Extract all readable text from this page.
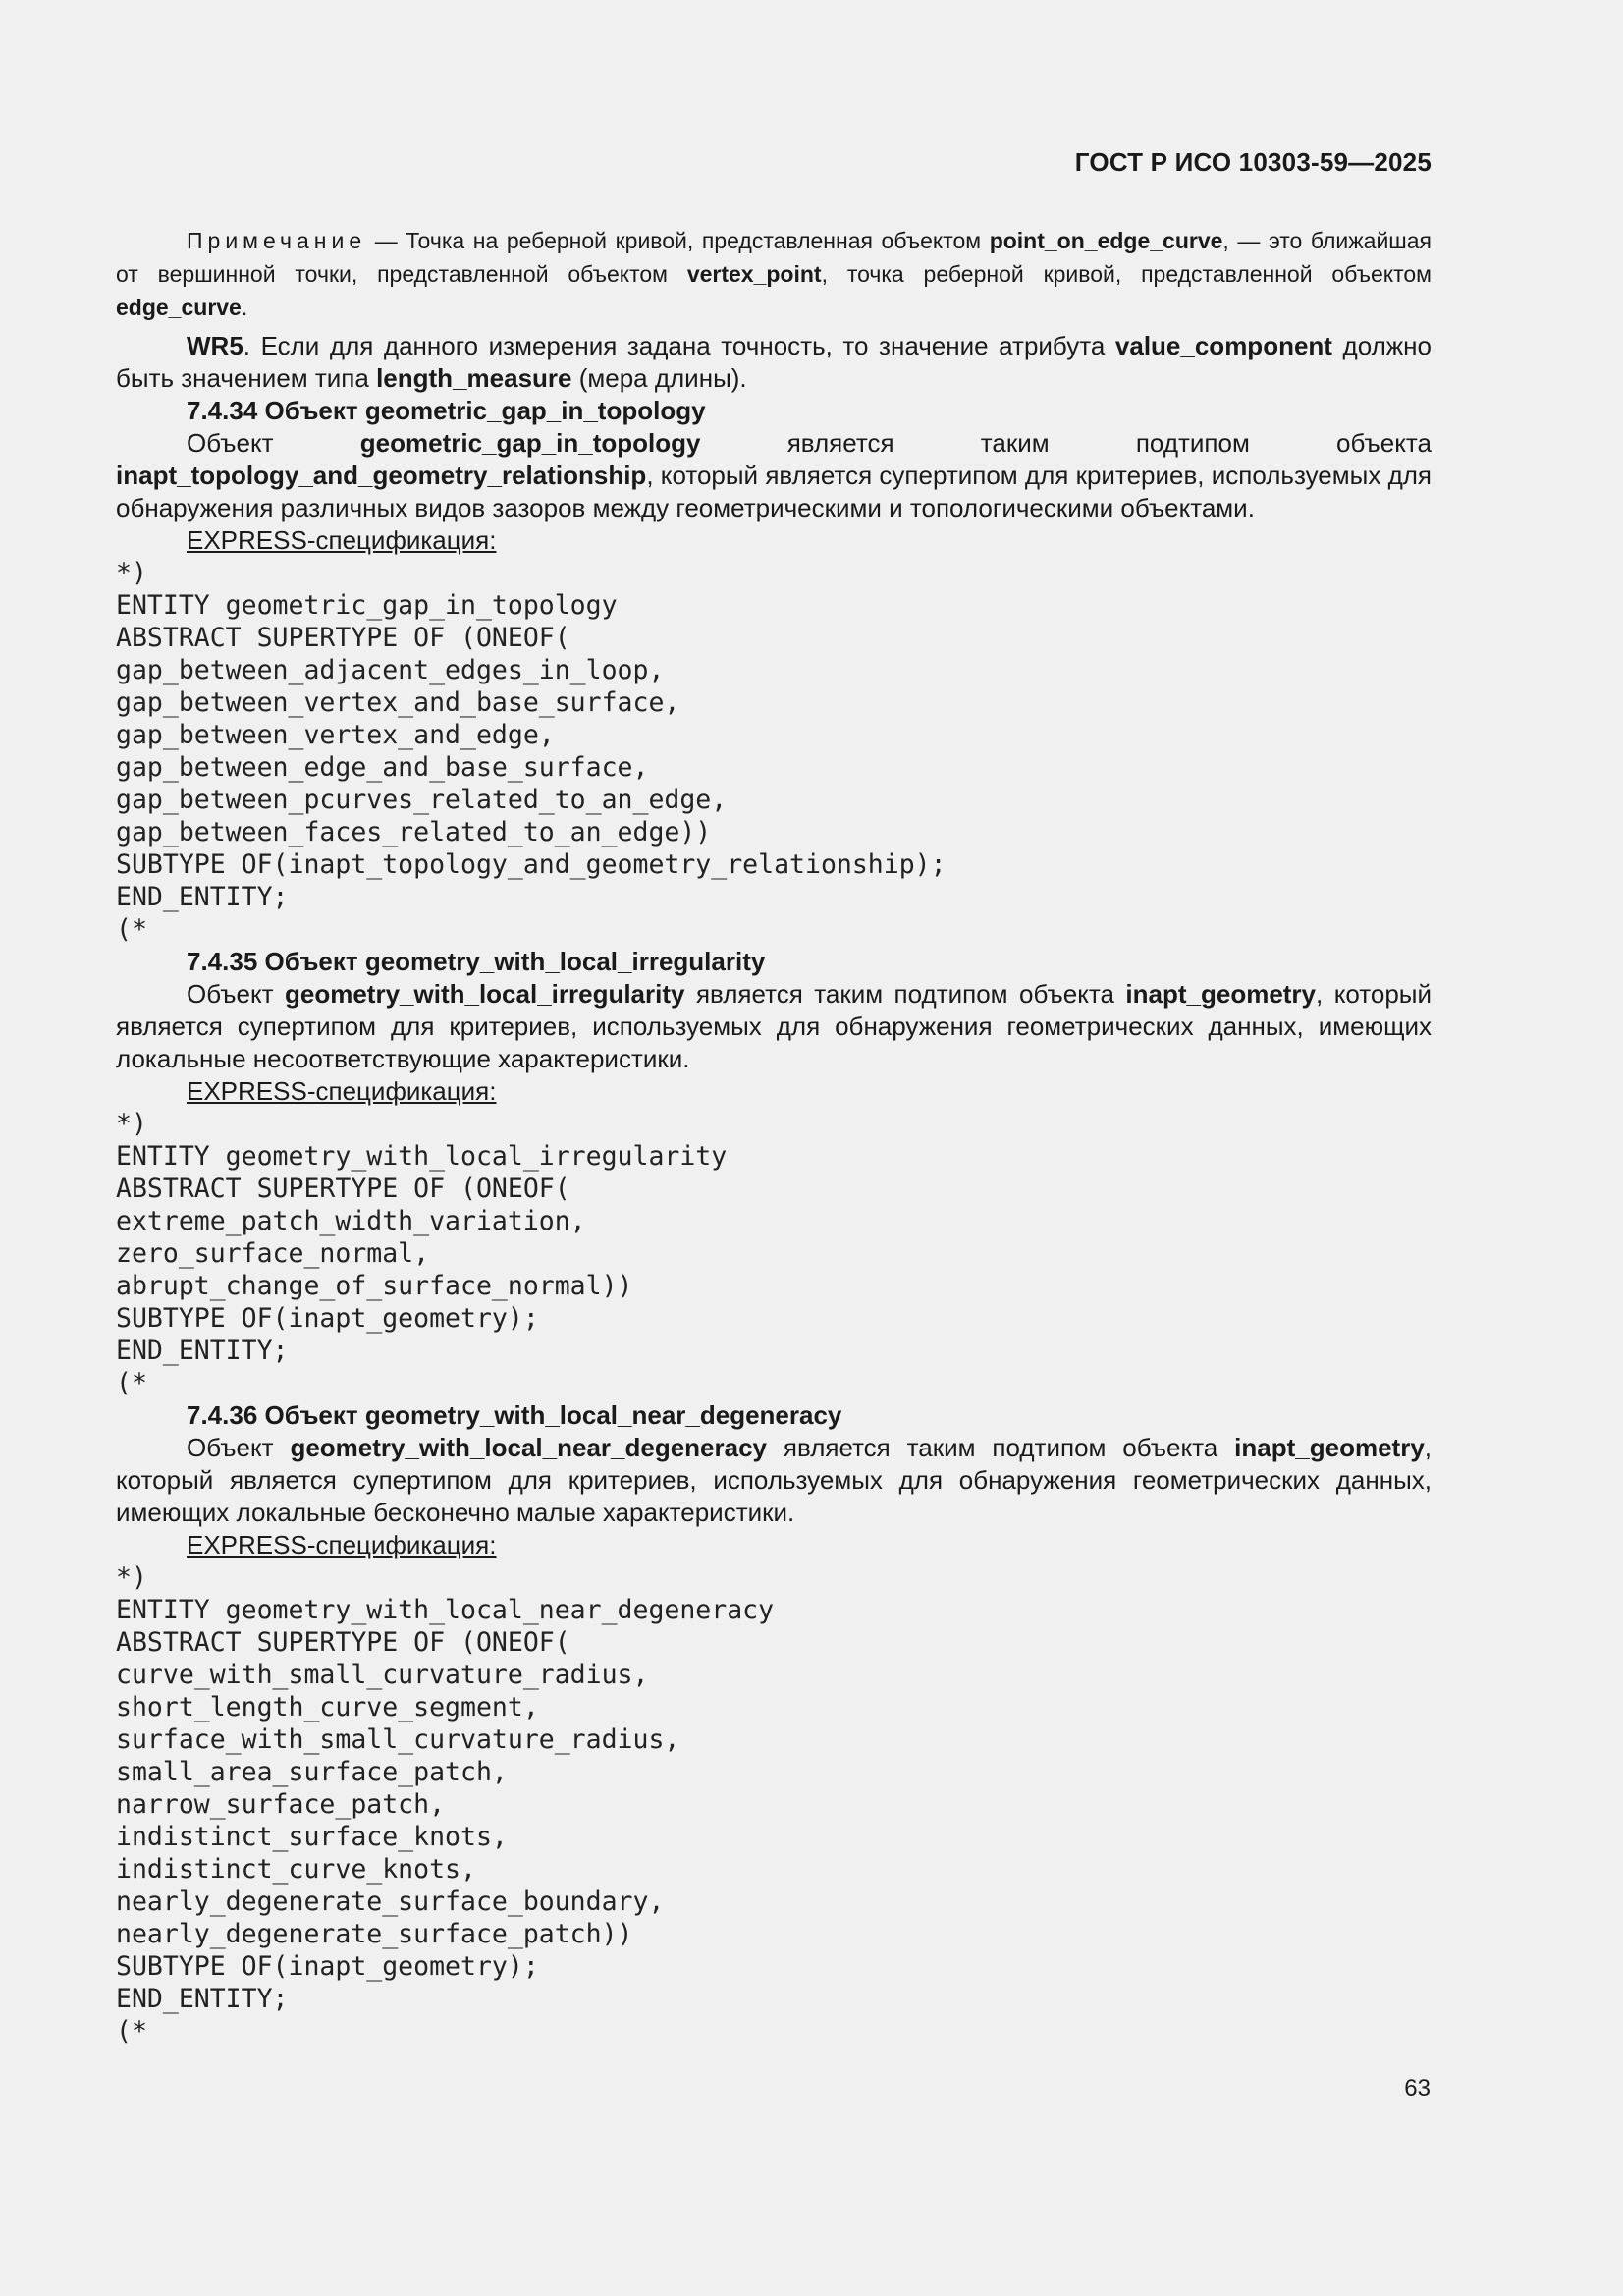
ГОСТ Р ИСО 10303-59—2025
Примечание — Точка на реберной кривой, представленная объектом point_on_edge_curve, — это ближайшая от вершинной точки, представленной объектом vertex_point, точка реберной кривой, представленной объектом edge_curve.

WR5. Если для данного измерения задана точность, то значение атрибута value_component должно быть значением типа length_measure (мера длины).

7.4.34 Объект geometric_gap_in_topology

Объект geometric_gap_in_topology является таким подтипом объекта inapt_topology_and_geometry_relationship, который является супертипом для критериев, используемых для обнаружения различных видов зазоров между геометрическими и топологическими объектами.

EXPRESS-спецификация:

*)
ENTITY geometric_gap_in_topology
ABSTRACT SUPERTYPE OF (ONEOF(
gap_between_adjacent_edges_in_loop,
gap_between_vertex_and_base_surface,
gap_between_vertex_and_edge,
gap_between_edge_and_base_surface,
gap_between_pcurves_related_to_an_edge,
gap_between_faces_related_to_an_edge))
SUBTYPE OF(inapt_topology_and_geometry_relationship);
END_ENTITY;
(*

7.4.35 Объект geometry_with_local_irregularity

Объект geometry_with_local_irregularity является таким подтипом объекта inapt_geometry, который является супертипом для критериев, используемых для обнаружения геометрических данных, имеющих локальные несоответствующие характеристики.

EXPRESS-спецификация:

*)
ENTITY geometry_with_local_irregularity
ABSTRACT SUPERTYPE OF (ONEOF(
extreme_patch_width_variation,
zero_surface_normal,
abrupt_change_of_surface_normal))
SUBTYPE OF(inapt_geometry);
END_ENTITY;
(*

7.4.36 Объект geometry_with_local_near_degeneracy

Объект geometry_with_local_near_degeneracy является таким подтипом объекта inapt_geometry, который является супертипом для критериев, используемых для обнаружения геометрических данных, имеющих локальные бесконечно малые характеристики.

EXPRESS-спецификация:

*)
ENTITY geometry_with_local_near_degeneracy
ABSTRACT SUPERTYPE OF (ONEOF(
curve_with_small_curvature_radius,
short_length_curve_segment,
surface_with_small_curvature_radius,
small_area_surface_patch,
narrow_surface_patch,
indistinct_surface_knots,
indistinct_curve_knots,
nearly_degenerate_surface_boundary,
nearly_degenerate_surface_patch))
SUBTYPE OF(inapt_geometry);
END_ENTITY;
(*
63
